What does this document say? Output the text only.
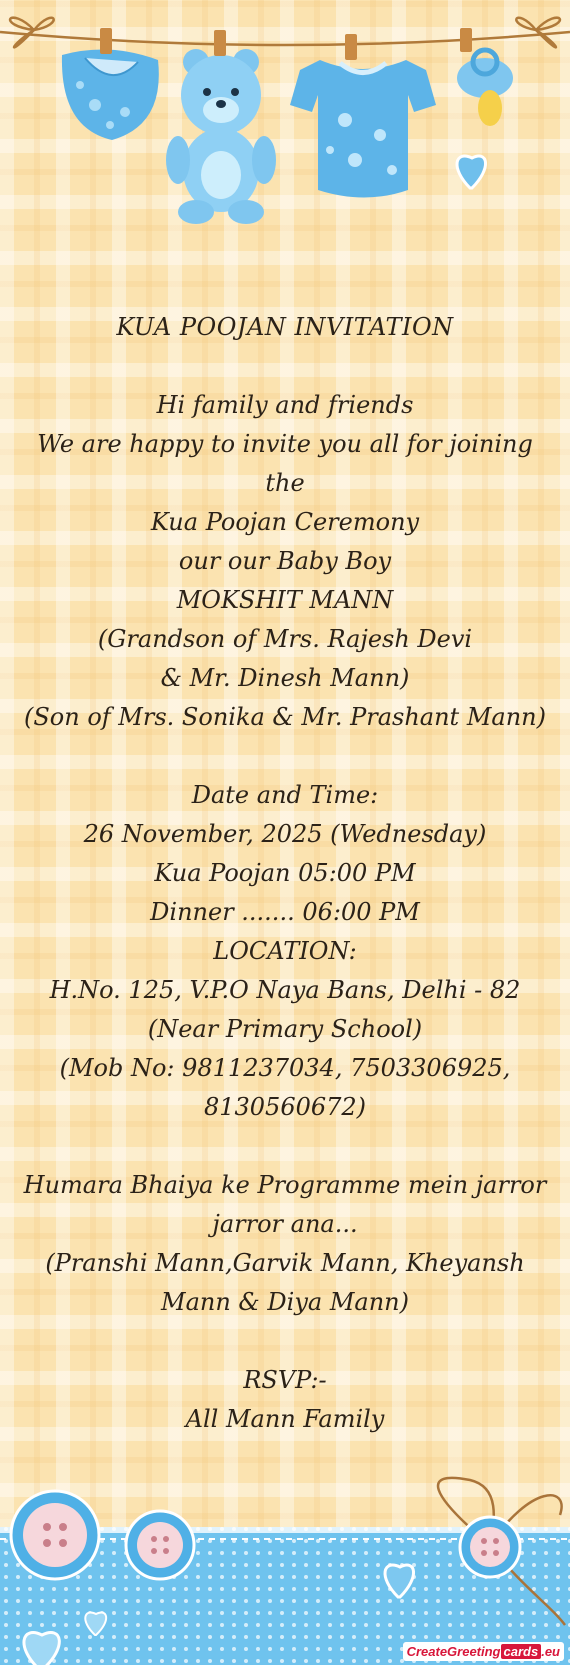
KUA POOJAN INVITATION
Hi family and friends
We are happy to invite you all for joining
the
Kua Poojan Ceremony
our our Baby Boy
MOKSHIT MANN
(Grandson of Mrs. Rajesh Devi
& Mr. Dinesh Mann)
(Son of Mrs. Sonika & Mr. Prashant Mann)
Date and Time:
26 November, 2025 (Wednesday)
Kua Poojan 05:00 PM
Dinner ....... 06:00 PM
LOCATION:
H.No. 125, V.P.O Naya Bans, Delhi - 82
(Near Primary School)
(Mob No: 9811237034, 7503306925,
8130560672)
Humara Bhaiya ke Programme mein jarror
jarror ana...
(Pranshi Mann,Garvik Mann, Kheyansh
Mann & Diya Mann)
RSVP:-
All Mann Family
CreateGreeting cards .eu
